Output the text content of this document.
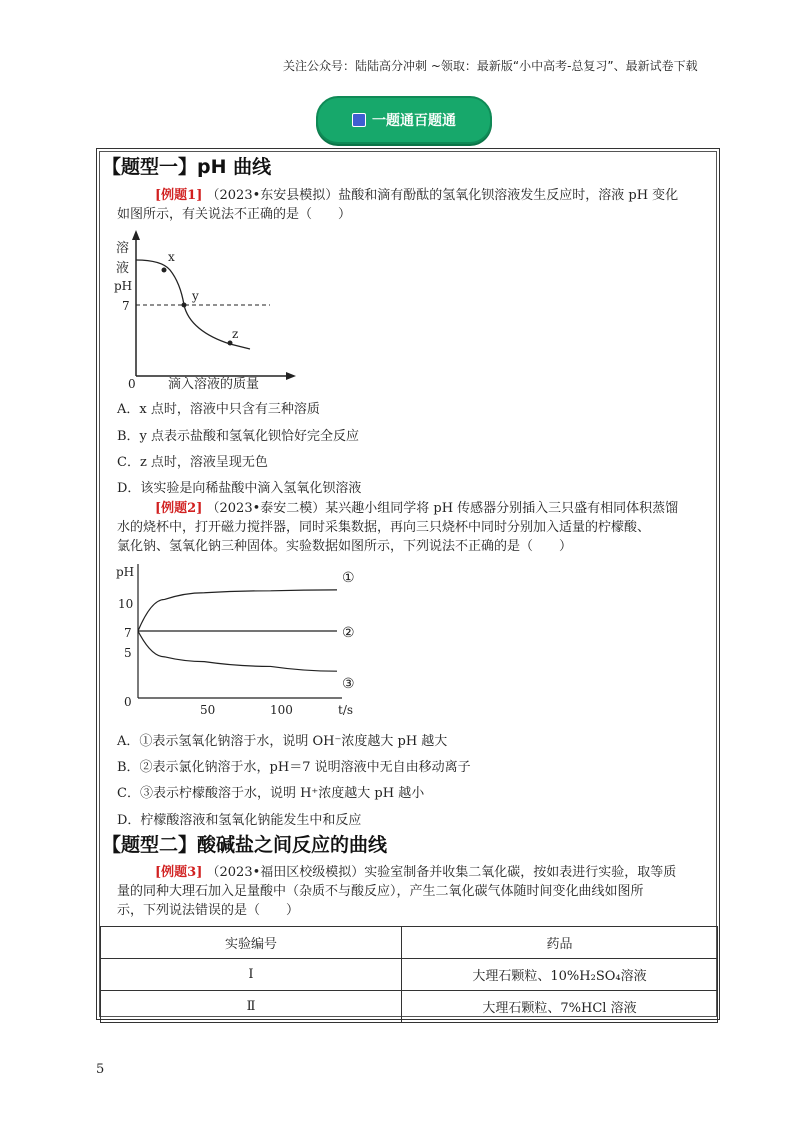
关注公众号：陆陆高分冲刺 ~领取：最新版“小中高考-总复习”、最新试卷下载
一题通百题通
【题型一】pH 曲线
[例题1] （2023•东安县模拟）盐酸和滴有酚酞的氢氧化钡溶液发生反应时，溶液 pH 变化
如图所示，有关说法不正确的是（　　）
溶
液
pH
7
x
y
z
0 滴入溶液的质量
A．x 点时，溶液中只含有三种溶质
B．y 点表示盐酸和氢氧化钡恰好完全反应
C．z 点时，溶液呈现无色
D．该实验是向稀盐酸中滴入氢氧化钡溶液
[例题2] （2023•泰安二模）某兴趣小组同学将 pH 传感器分别插入三只盛有相同体积蒸馏
水的烧杯中，打开磁力搅拌器，同时采集数据，再向三只烧杯中同时分别加入适量的柠檬酸、
氯化钠、氢氧化钠三种固体。实验数据如图所示，下列说法不正确的是（　　）
pH
10
7
5
0
50	100	t/s
①
②
③
A．①表示氢氧化钠溶于水，说明 OH⁻浓度越大 pH 越大
B．②表示氯化钠溶于水，pH＝7 说明溶液中无自由移动离子
C．③表示柠檬酸溶于水，说明 H⁺浓度越大 pH 越小
D．柠檬酸溶液和氢氧化钠能发生中和反应
【题型二】酸碱盐之间反应的曲线
[例题3] （2023•福田区校级模拟）实验室制备并收集二氧化碳，按如表进行实验，取等质
量的同种大理石加入足量酸中（杂质不与酸反应），产生二氧化碳气体随时间变化曲线如图所
示，下列说法错误的是（　　）
实验编号	药品
Ⅰ	大理石颗粒、10%H₂SO₄溶液
Ⅱ	大理石颗粒、7%HCl 溶液
5
